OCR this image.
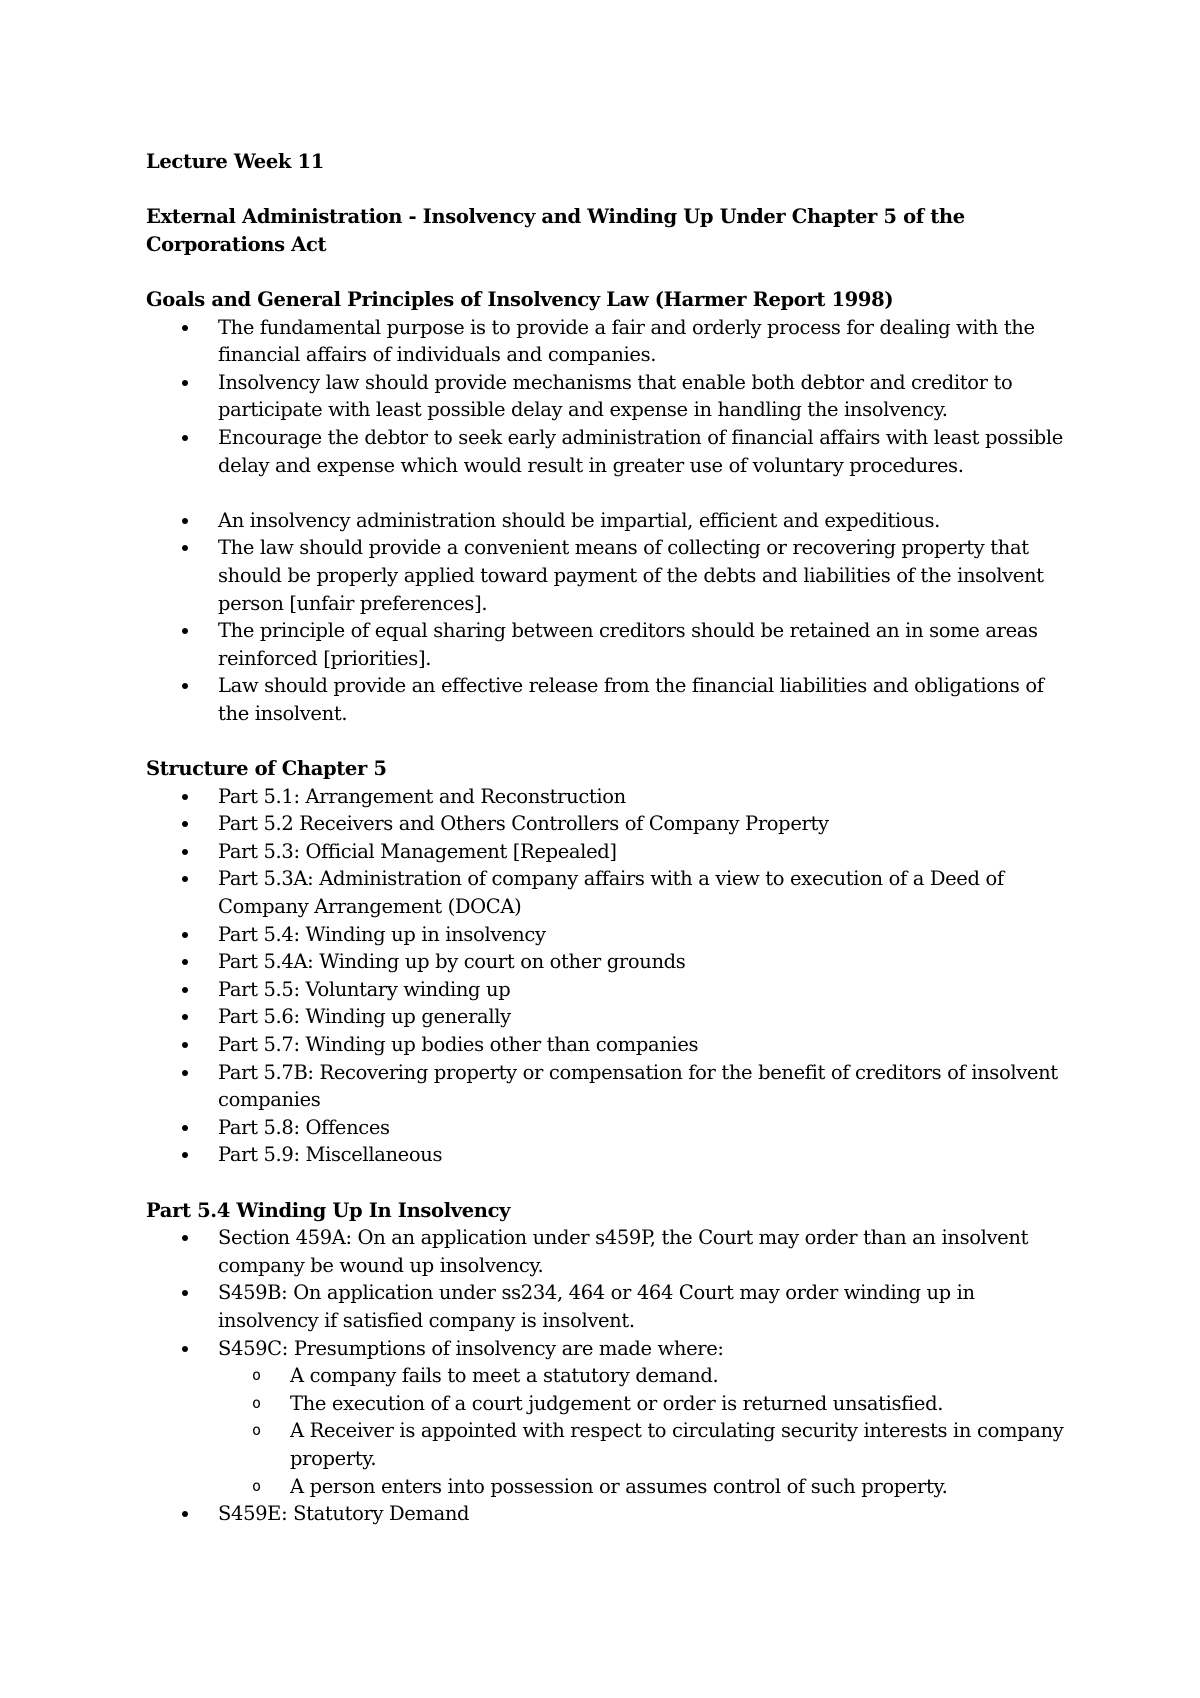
Lecture Week 11

External Administration - Insolvency and Winding Up Under Chapter 5 of the Corporations Act

Goals and General Principles of Insolvency Law (Harmer Report 1998)

The fundamental purpose is to provide a fair and orderly process for dealing with the financial affairs of individuals and companies.
Insolvency law should provide mechanisms that enable both debtor and creditor to participate with least possible delay and expense in handling the insolvency.
Encourage the debtor to seek early administration of financial affairs with least possible delay and expense which would result in greater use of voluntary procedures.
An insolvency administration should be impartial, efficient and expeditious.
The law should provide a convenient means of collecting or recovering property that should be properly applied toward payment of the debts and liabilities of the insolvent person [unfair preferences].
The principle of equal sharing between creditors should be retained an in some areas reinforced [priorities].
Law should provide an effective release from the financial liabilities and obligations of the insolvent.

Structure of Chapter 5

Part 5.1: Arrangement and Reconstruction
Part 5.2 Receivers and Others Controllers of Company Property
Part 5.3: Official Management [Repealed]
Part 5.3A: Administration of company affairs with a view to execution of a Deed of Company Arrangement (DOCA)
Part 5.4: Winding up in insolvency
Part 5.4A: Winding up by court on other grounds
Part 5.5: Voluntary winding up
Part 5.6: Winding up generally
Part 5.7: Winding up bodies other than companies
Part 5.7B: Recovering property or compensation for the benefit of creditors of insolvent companies
Part 5.8: Offences
Part 5.9: Miscellaneous

Part 5.4 Winding Up In Insolvency

Section 459A: On an application under s459P, the Court may order than an insolvent company be wound up insolvency.
S459B: On application under ss234, 464 or 464 Court may order winding up in insolvency if satisfied company is insolvent.
S459C: Presumptions of insolvency are made where:
o A company fails to meet a statutory demand.
o The execution of a court judgement or order is returned unsatisfied.
o A Receiver is appointed with respect to circulating security interests in company property.
o A person enters into possession or assumes control of such property.
S459E: Statutory Demand
